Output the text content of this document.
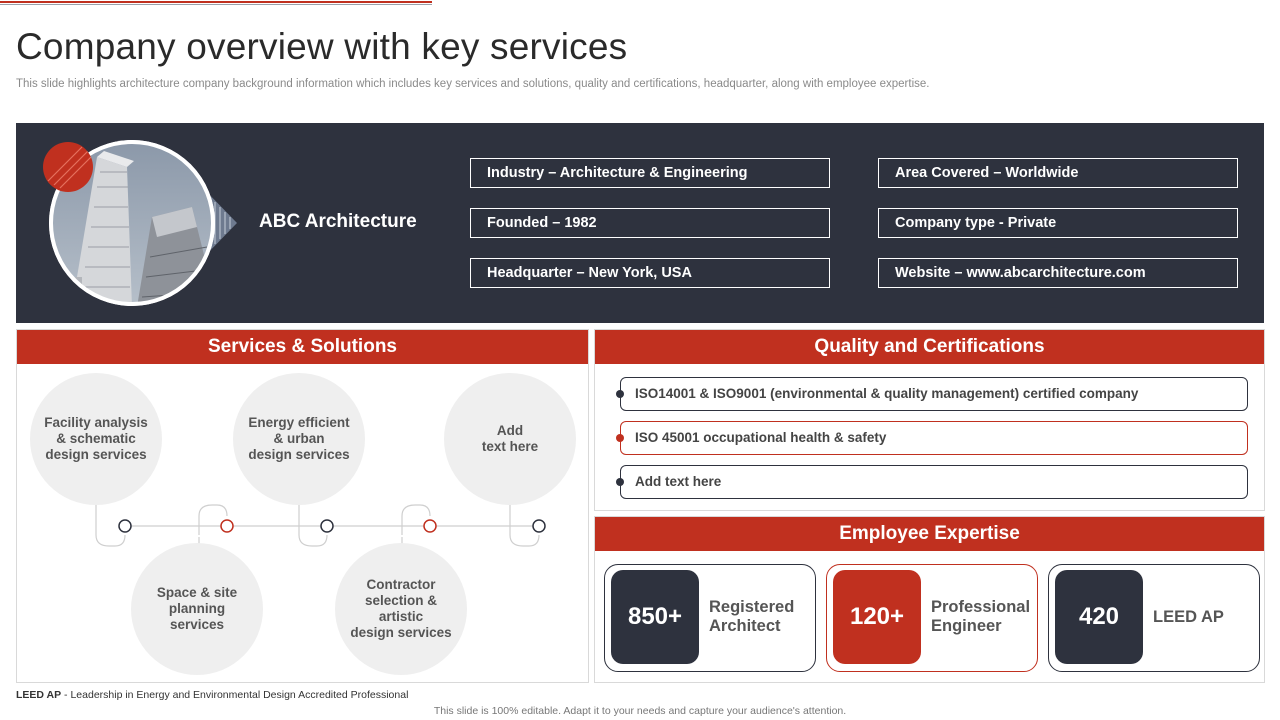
Company overview with key services

This slide highlights architecture company background information which includes key services and solutions, quality and certifications, headquarter, along with employee expertise.

ABC Architecture
Industry – Architecture & Engineering
Founded – 1982
Headquarter – New York, USA
Area Covered – Worldwide
Company type - Private
Website – www.abcarchitecture.com
Services & Solutions
Facility analysis
& schematic
design services
Space & site
planning
services
Energy efficient
& urban
design services
Contractor
selection &
artistic
design services
Add
text here
Quality and Certifications
ISO14001 & ISO9001 (environmental & quality management) certified company
ISO 45001 occupational health & safety
Add text here
Employee Expertise
850+	Registered
Architect	120+	Professional
Engineer	420	LEED AP
LEED AP - Leadership in Energy and Environmental Design Accredited Professional
This slide is 100% editable. Adapt it to your needs and capture your audience's attention.
